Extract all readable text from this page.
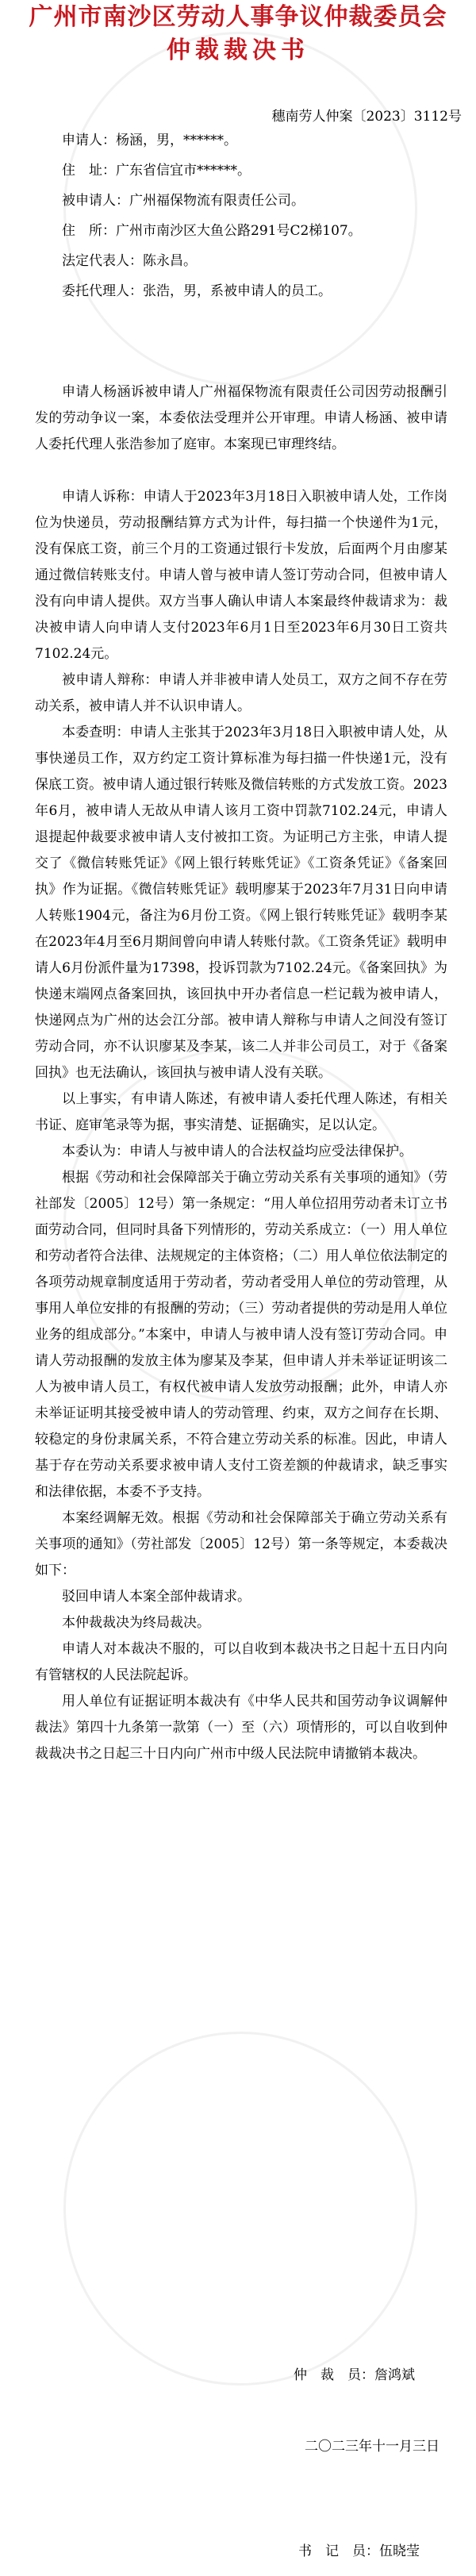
广州市南沙区劳动人事争议仲裁委员会
仲裁裁决书
穗南劳人仲案〔2023〕3112号
申请人： 杨涵，男，******。
住　址： 广东省信宜市******。
被申请人： 广州福保物流有限责任公司。
住　所： 广州市南沙区大鱼公路291号C2梯107。
法定代表人： 陈永昌。
委托代理人： 张浩，男，系被申请人的员工。

申请人杨涵诉被申请人广州福保物流有限责任公司因劳动报酬引发的劳动争议一案，本委依法受理并公开审理。申请人杨涵、被申请人委托代理人张浩参加了庭审。本案现已审理终结。

申请人诉称：申请人于2023年3月18日入职被申请人处，工作岗位为快递员，劳动报酬结算方式为计件，每扫描一个快递件为1元，没有保底工资，前三个月的工资通过银行卡发放，后面两个月由廖某通过微信转账支付。申请人曾与被申请人签订劳动合同，但被申请人没有向申请人提供。双方当事人确认申请人本案最终仲裁请求为：裁决被申请人向申请人支付2023年6月1日至2023年6月30日工资共7102.24元。

被申请人辩称：申请人并非被申请人处员工，双方之间不存在劳动关系，被申请人并不认识申请人。

本委查明：申请人主张其于2023年3月18日入职被申请人处，从事快递员工作，双方约定工资计算标准为每扫描一件快递1元，没有保底工资。被申请人通过银行转账及微信转账的方式发放工资。2023年6月，被申请人无故从申请人该月工资中罚款7102.24元，申请人退提起仲裁要求被申请人支付被扣工资。为证明己方主张，申请人提交了《微信转账凭证》《网上银行转账凭证》《工资条凭证》《备案回执》作为证据。《微信转账凭证》载明廖某于2023年7月31日向申请人转账1904元，备注为6月份工资。《网上银行转账凭证》载明李某在2023年4月至6月期间曾向申请人转账付款。《工资条凭证》载明申请人6月份派件量为17398，投诉罚款为7102.24元。《备案回执》为快递末端网点备案回执，该回执中开办者信息一栏记载为被申请人，快递网点为广州的达会江分部。被申请人辩称与申请人之间没有签订劳动合同，亦不认识廖某及李某，该二人并非公司员工，对于《备案回执》也无法确认，该回执与被申请人没有关联。

以上事实，有申请人陈述，有被申请人委托代理人陈述，有相关书证、庭审笔录等为据，事实清楚、证据确实，足以认定。

本委认为：申请人与被申请人的合法权益均应受法律保护。

根据《劳动和社会保障部关于确立劳动关系有关事项的通知》（劳社部发〔2005〕12号）第一条规定：“用人单位招用劳动者未订立书面劳动合同，但同时具备下列情形的，劳动关系成立：（一）用人单位和劳动者符合法律、法规规定的主体资格；（二）用人单位依法制定的各项劳动规章制度适用于劳动者，劳动者受用人单位的劳动管理，从事用人单位安排的有报酬的劳动；（三）劳动者提供的劳动是用人单位业务的组成部分。”本案中，申请人与被申请人没有签订劳动合同。申请人劳动报酬的发放主体为廖某及李某，但申请人并未举证证明该二人为被申请人员工，有权代被申请人发放劳动报酬；此外，申请人亦未举证证明其接受被申请人的劳动管理、约束，双方之间存在长期、较稳定的身份隶属关系，不符合建立劳动关系的标准。因此，申请人基于存在劳动关系要求被申请人支付工资差额的仲裁请求，缺乏事实和法律依据，本委不予支持。

本案经调解无效。根据《劳动和社会保障部关于确立劳动关系有关事项的通知》（劳社部发〔2005〕12号）第一条等规定，本委裁决如下：

驳回申请人本案全部仲裁请求。

本仲裁裁决为终局裁决。

申请人对本裁决不服的，可以自收到本裁决书之日起十五日内向有管辖权的人民法院起诉。

用人单位有证据证明本裁决有《中华人民共和国劳动争议调解仲裁法》第四十九条第一款第（一）至（六）项情形的，可以自收到仲裁裁决书之日起三十日内向广州市中级人民法院申请撤销本裁决。

仲　裁　员：詹鸿斌
二〇二三年十一月三日
书　记　员：伍晓莹
